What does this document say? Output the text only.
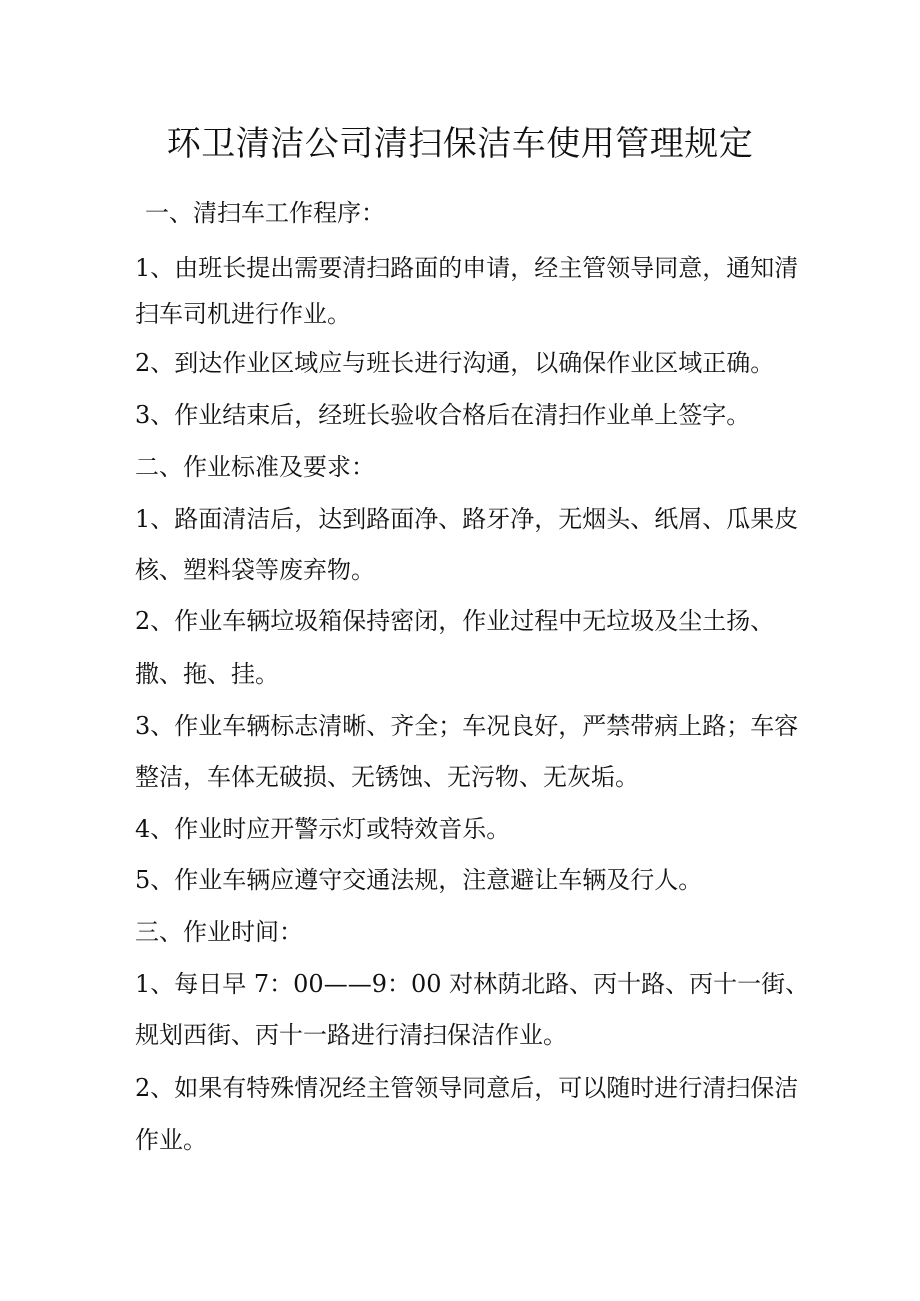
环卫清洁公司清扫保洁车使用管理规定
一、清扫车工作程序：
1、由班长提出需要清扫路面的申请，经主管领导同意，通知清
扫车司机进行作业。
2、到达作业区域应与班长进行沟通，以确保作业区域正确。
3、作业结束后，经班长验收合格后在清扫作业单上签字。
二、作业标准及要求：
1、路面清洁后，达到路面净、路牙净，无烟头、纸屑、瓜果皮
核、塑料袋等废弃物。
2、作业车辆垃圾箱保持密闭，作业过程中无垃圾及尘土扬、
撒、拖、挂。
3、作业车辆标志清晰、齐全；车况良好，严禁带病上路；车容
整洁，车体无破损、无锈蚀、无污物、无灰垢。
4、作业时应开警示灯或特效音乐。
5、作业车辆应遵守交通法规，注意避让车辆及行人。
三、作业时间：
1、每日早 7：00——9：00 对林荫北路、丙十路、丙十一街、
规划西街、丙十一路进行清扫保洁作业。
2、如果有特殊情况经主管领导同意后，可以随时进行清扫保洁
作业。
